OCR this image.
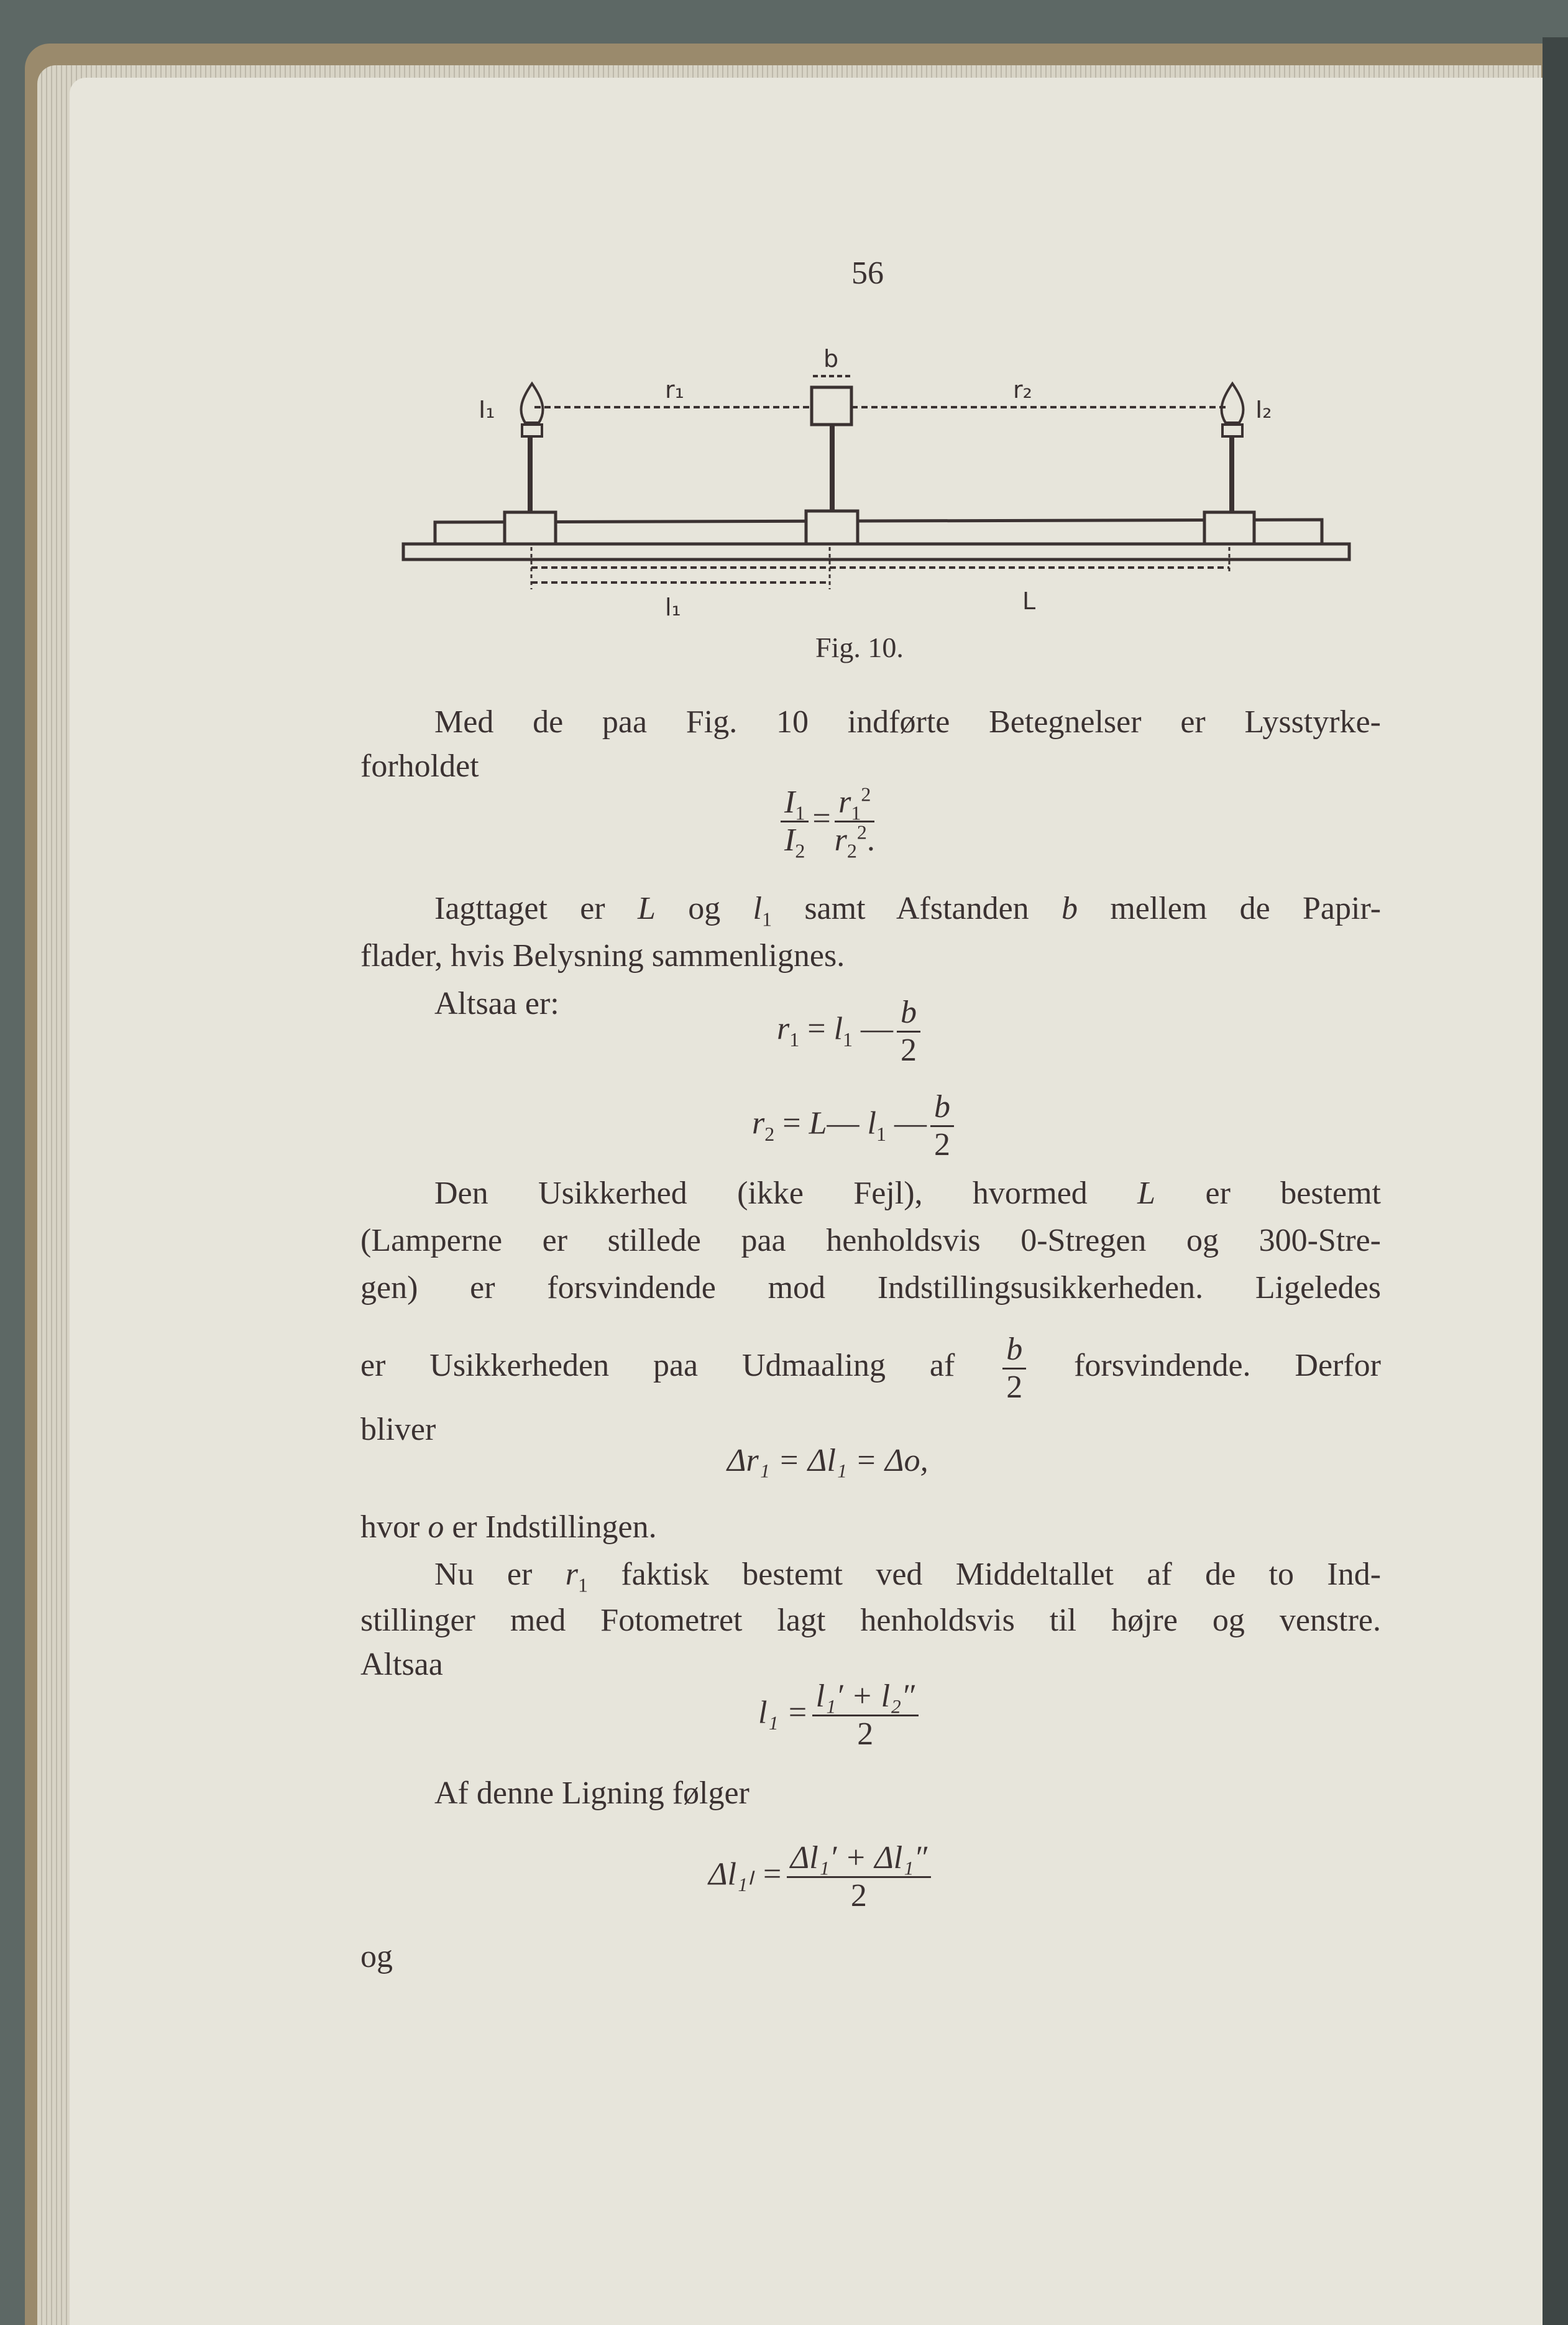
56
I₁
r₁
b
r₂
I₂
l₁	L
Fig. 10.
Med de paa Fig. 10 indførte Betegnelser er Lysstyrke-
forholdet
$\frac{I_1}{I_2} = \frac{r_1^2}{r_2^2.}$
Iagttaget er L og $l_1$ samt Afstanden b mellem de Papir-
flader, hvis Belysning sammenlignes.
Altsaa er:
$r_1 = l_1$ — $\frac{b}{2}$
$r_2$ = L— $l_1$ — $\frac{b}{2}$
Den Usikkerhed (ikke Fejl), hvormed L er bestemt
(Lamperne er stillede paa henholdsvis 0-Stregen og 300-Stre-
gen) er forsvindende mod Indstillingsusikkerheden. Ligeledes
er Usikkerheden paa Udmaaling af $\frac{b}{2}$ forsvindende. Derfor
bliver
Δr₁ = Δl₁ = Δo,
hvor o er Indstillingen.
Nu er $r_1$ faktisk bestemt ved Middeltallet af de to Ind-
stillinger med Fotometret lagt henholdsvis til højre og venstre.
Altsaa
$l_1 = \frac{\text{l₁′ + l₂″}}{2}$
Af denne Ligning følger
$\Delta l_{1l} = \frac{\text{Δl₁′ + Δl₁″}}{2}$
og
